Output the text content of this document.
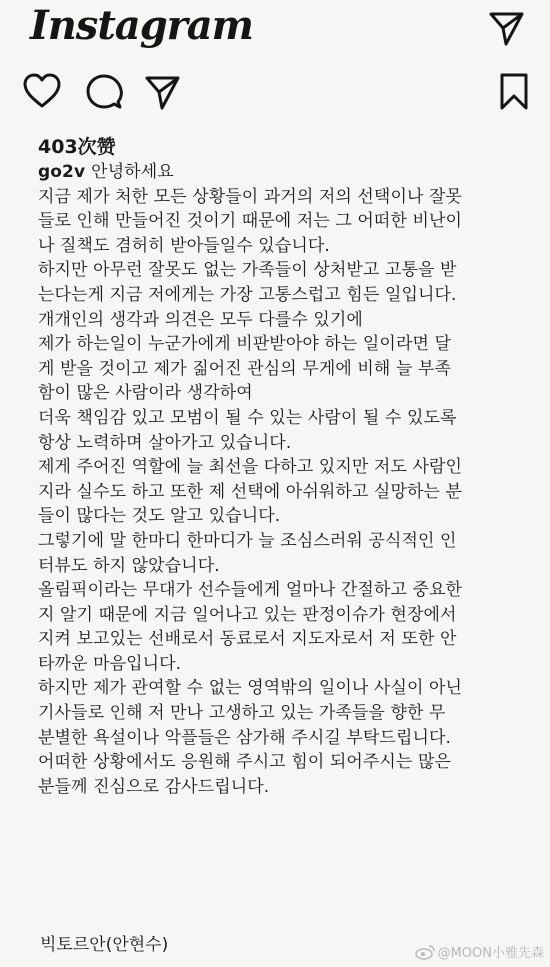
Instagram
403次赞
go2v 안녕하세요
지금 제가 처한 모든 상황들이 과거의 저의 선택이나 잘못
들로 인해 만들어진 것이기 때문에 저는 그 어떠한 비난이
나 질책도 겸허히 받아들일수 있습니다.
하지만 아무런 잘못도 없는 가족들이 상처받고 고통을 받
는다는게 지금 저에게는 가장 고통스럽고 힘든 일입니다.
개개인의 생각과 의견은 모두 다를수 있기에
제가 하는일이 누군가에게 비판받아야 하는 일이라면 달
게 받을 것이고 제가 짊어진 관심의 무게에 비해 늘 부족
함이 많은 사람이라 생각하여
더욱 책임감 있고 모범이 될 수 있는 사람이 될 수 있도록
항상 노력하며 살아가고 있습니다.
제게 주어진 역할에 늘 최선을 다하고 있지만 저도 사람인
지라 실수도 하고 또한 제 선택에 아쉬워하고 실망하는 분
들이 많다는 것도 알고 있습니다.
그렇기에 말 한마디 한마디가 늘 조심스러워 공식적인 인
터뷰도 하지 않았습니다.
올림픽이라는 무대가 선수들에게 얼마나 간절하고 중요한
지 알기 때문에 지금 일어나고 있는 판정이슈가 현장에서
지켜 보고있는 선배로서 동료로서 지도자로서 저 또한 안
타까운 마음입니다.
하지만 제가 관여할 수 없는 영역밖의 일이나 사실이 아닌
기사들로 인해 저 만나 고생하고 있는 가족들을 향한 무
분별한 욕설이나 악플들은 삼가해 주시길 부탁드립니다.
어떠한 상황에서도 응원해 주시고 힘이 되어주시는 많은
분들께 진심으로 감사드립니다.
빅토르안(안현수)	@MOON小雅先森
